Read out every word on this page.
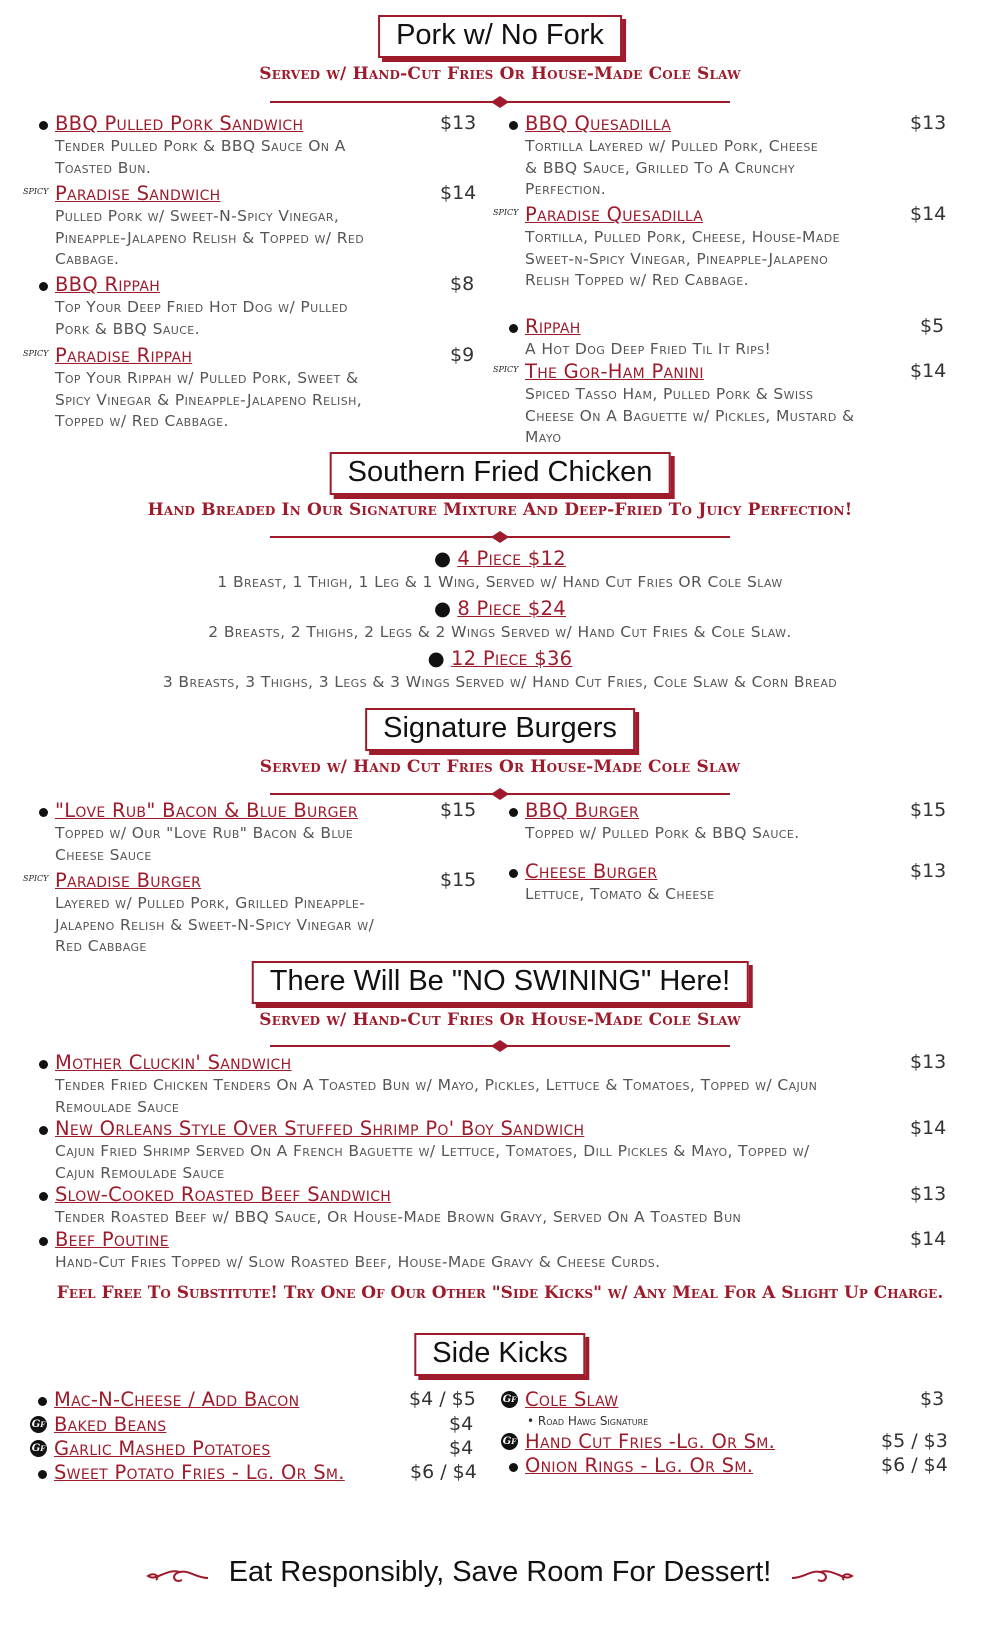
Pork w/ No Fork
Served w/ Hand-Cut Fries Or House-Made Cole Slaw
BBQ Pulled Pork Sandwich	$13
Tender Pulled Pork & BBQ Sauce On A Toasted Bun.
spicy Paradise Sandwich	$14
Pulled Pork w/ Sweet-N-Spicy Vinegar, Pineapple-Jalapeno Relish & Topped w/ Red Cabbage.
BBQ Rippah	$8
Top Your Deep Fried Hot Dog w/ Pulled Pork & BBQ Sauce.
spicy Paradise Rippah	$9
Top Your Rippah w/ Pulled Pork, Sweet & Spicy Vinegar & Pineapple-Jalapeno Relish, Topped w/ Red Cabbage.
BBQ Quesadilla	$13
Tortilla Layered w/ Pulled Pork, Cheese & BBQ Sauce, Grilled To A Crunchy Perfection.
spicy Paradise Quesadilla	$14
Tortilla, Pulled Pork, Cheese, House-Made Sweet-n-Spicy Vinegar, Pineapple-Jalapeno Relish Topped w/ Red Cabbage.
Rippah	$5
A Hot Dog Deep Fried Til It Rips!
spicy The Gor-Ham Panini	$14
Spiced Tasso Ham, Pulled Pork & Swiss Cheese On A Baguette w/ Pickles, Mustard & Mayo
Southern Fried Chicken
Hand Breaded In Our Signature Mixture And Deep-Fried To Juicy Perfection!
● 4 Piece $12
1 Breast, 1 Thigh, 1 Leg & 1 Wing, Served w/ Hand Cut Fries OR Cole Slaw
● 8 Piece $24
2 Breasts, 2 Thighs, 2 Legs & 2 Wings Served w/ Hand Cut Fries & Cole Slaw.
● 12 Piece $36
3 Breasts, 3 Thighs, 3 Legs & 3 Wings Served w/ Hand Cut Fries, Cole Slaw & Corn Bread
Signature Burgers
Served w/ Hand Cut Fries Or House-Made Cole Slaw
"Love Rub" Bacon & Blue Burger	$15
Topped w/ Our "Love Rub" Bacon & Blue Cheese Sauce
spicy Paradise Burger	$15
Layered w/ Pulled Pork, Grilled Pineapple-Jalapeno Relish & Sweet-N-Spicy Vinegar w/ Red Cabbage
BBQ Burger	$15
Topped w/ Pulled Pork & BBQ Sauce.
Cheese Burger	$13
Lettuce, Tomato & Cheese
There Will Be "NO SWINING" Here!
Served w/ Hand-Cut Fries Or House-Made Cole Slaw
Mother Cluckin' Sandwich	$13
Tender Fried Chicken Tenders On A Toasted Bun w/ Mayo, Pickles, Lettuce & Tomatoes, Topped w/ Cajun Remoulade Sauce
New Orleans Style Over Stuffed Shrimp Po' Boy Sandwich	$14
Cajun Fried Shrimp Served On A French Baguette w/ Lettuce, Tomatoes, Dill Pickles & Mayo, Topped w/ Cajun Remoulade Sauce
Slow-Cooked Roasted Beef Sandwich	$13
Tender Roasted Beef w/ BBQ Sauce, Or House-Made Brown Gravy, Served On A Toasted Bun
Beef Poutine	$14
Hand-Cut Fries Topped w/ Slow Roasted Beef, House-Made Gravy & Cheese Curds.
Feel Free To Substitute! Try One Of Our Other "Side Kicks" w/ Any Meal For A Slight Up Charge.
Side Kicks
Mac-N-Cheese / Add Bacon	$4 / $5
Gf Baked Beans	$4
Gf Garlic Mashed Potatoes	$4
Sweet Potato Fries - Lg. Or Sm.	$6 / $4
Gf Cole Slaw	$3
• Road Hawg Signature
Gf Hand Cut Fries -Lg. Or Sm.	$5 / $3
Onion Rings - Lg. Or Sm.	$6 / $4
Eat Responsibly, Save Room For Dessert!
